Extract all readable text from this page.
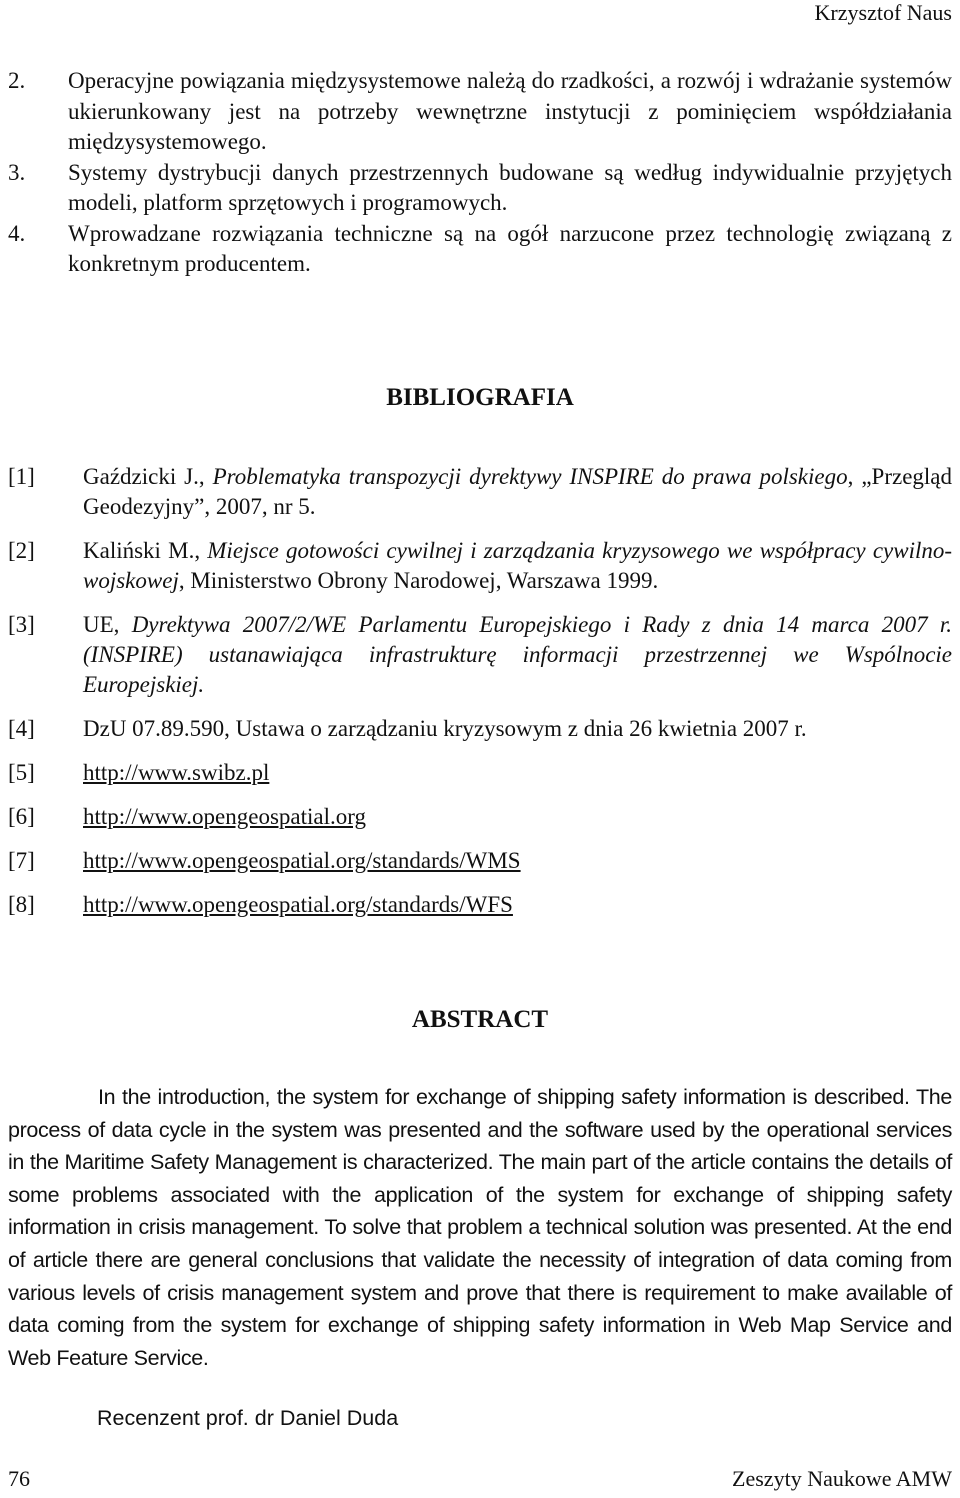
Krzysztof Naus
2.	Operacyjne powiązania międzysystemowe należą do rzadkości, a rozwój i wdrażanie systemów ukierunkowany jest na potrzeby wewnętrzne instytucji z pominięciem współdziałania międzysystemowego.
3.	Systemy dystrybucji danych przestrzennych budowane są według indywidualnie przyjętych modeli, platform sprzętowych i programowych.
4.	Wprowadzane rozwiązania techniczne są na ogół narzucone przez technologię związaną z konkretnym producentem.
BIBLIOGRAFIA
[1]	Gaździcki J., Problematyka transpozycji dyrektywy INSPIRE do prawa polskiego, „Przegląd Geodezyjny”, 2007, nr 5.
[2]	Kaliński M., Miejsce gotowości cywilnej i zarządzania kryzysowego we współpracy cywilno-wojskowej, Ministerstwo Obrony Narodowej, Warszawa 1999.
[3]	UE, Dyrektywa 2007/2/WE Parlamentu Europejskiego i Rady z dnia 14 marca 2007 r. (INSPIRE) ustanawiająca infrastrukturę informacji przestrzennej we Wspólnocie Europejskiej.
[4]	DzU 07.89.590, Ustawa o zarządzaniu kryzysowym z dnia 26 kwietnia 2007 r.
[5]	http://www.swibz.pl
[6]	http://www.opengeospatial.org
[7]	http://www.opengeospatial.org/standards/WMS
[8]	http://www.opengeospatial.org/standards/WFS
ABSTRACT
In the introduction, the system for exchange of shipping safety information is described. The process of data cycle in the system was presented and the software used by the operational services in the Maritime Safety Management is characterized. The main part of the article contains the details of some problems associated with the application of the system for exchange of shipping safety information in crisis management. To solve that problem a technical solution was presented. At the end of article there are general conclusions that validate the necessity of integration of data coming from various levels of crisis management system and prove that there is requirement to make available of data coming from the system for exchange of shipping safety information in Web Map Service and Web Feature Service.
Recenzent prof. dr Daniel Duda
76	Zeszyty Naukowe AMW
